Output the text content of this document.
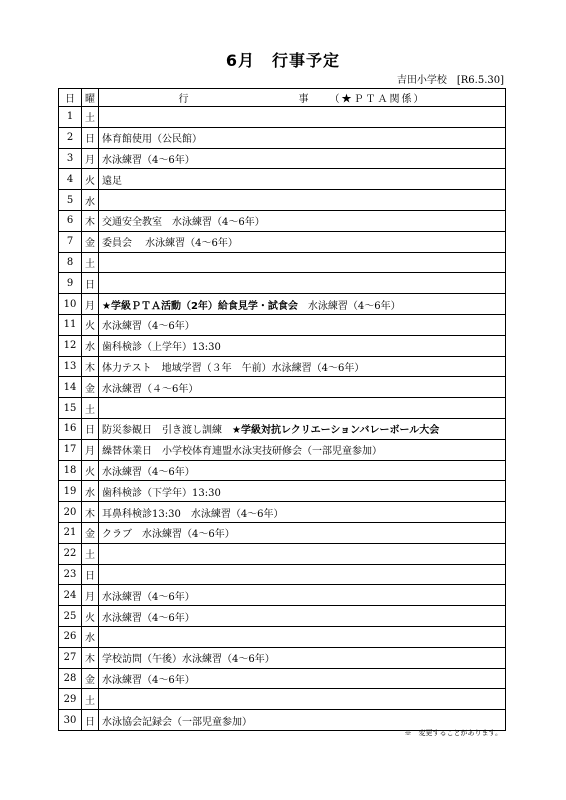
6月　行事予定
吉田小学校　[R6.5.30]
日	曜	行　　　　　　　　　事　　（★ＰＴＡ関係）
1	土	
2	日	体育館使用（公民館）
3	月	水泳練習（4～6年）
4	火	遠足
5	水	
6	木	交通安全教室　水泳練習（4～6年）
7	金	委員会　 水泳練習（4～6年）
8	土	
9	日	
10	月	★学級ＰＴＡ活動（2年）給食見学・試食会　水泳練習（4～6年）
11	火	水泳練習（4～6年）
12	水	歯科検診（上学年）13:30
13	木	体力テスト　地域学習（３年　午前）水泳練習（4～6年）
14	金	水泳練習（４～6年）
15	土	
16	日	防災参観日　引き渡し訓練　★学級対抗レクリエーションバレーボール大会
17	月	繰替休業日　小学校体育連盟水泳実技研修会（一部児童参加）
18	火	水泳練習（4～6年）
19	水	歯科検診（下学年）13:30
20	木	耳鼻科検診13:30　水泳練習（4～6年）
21	金	クラブ　水泳練習（4～6年）
22	土	
23	日	
24	月	水泳練習（4～6年）
25	火	水泳練習（4～6年）
26	水	
27	木	学校訪問（午後）水泳練習（4～6年）
28	金	水泳練習（4～6年）
29	土	
30	日	水泳協会記録会（一部児童参加）
※　変更することがあります。
